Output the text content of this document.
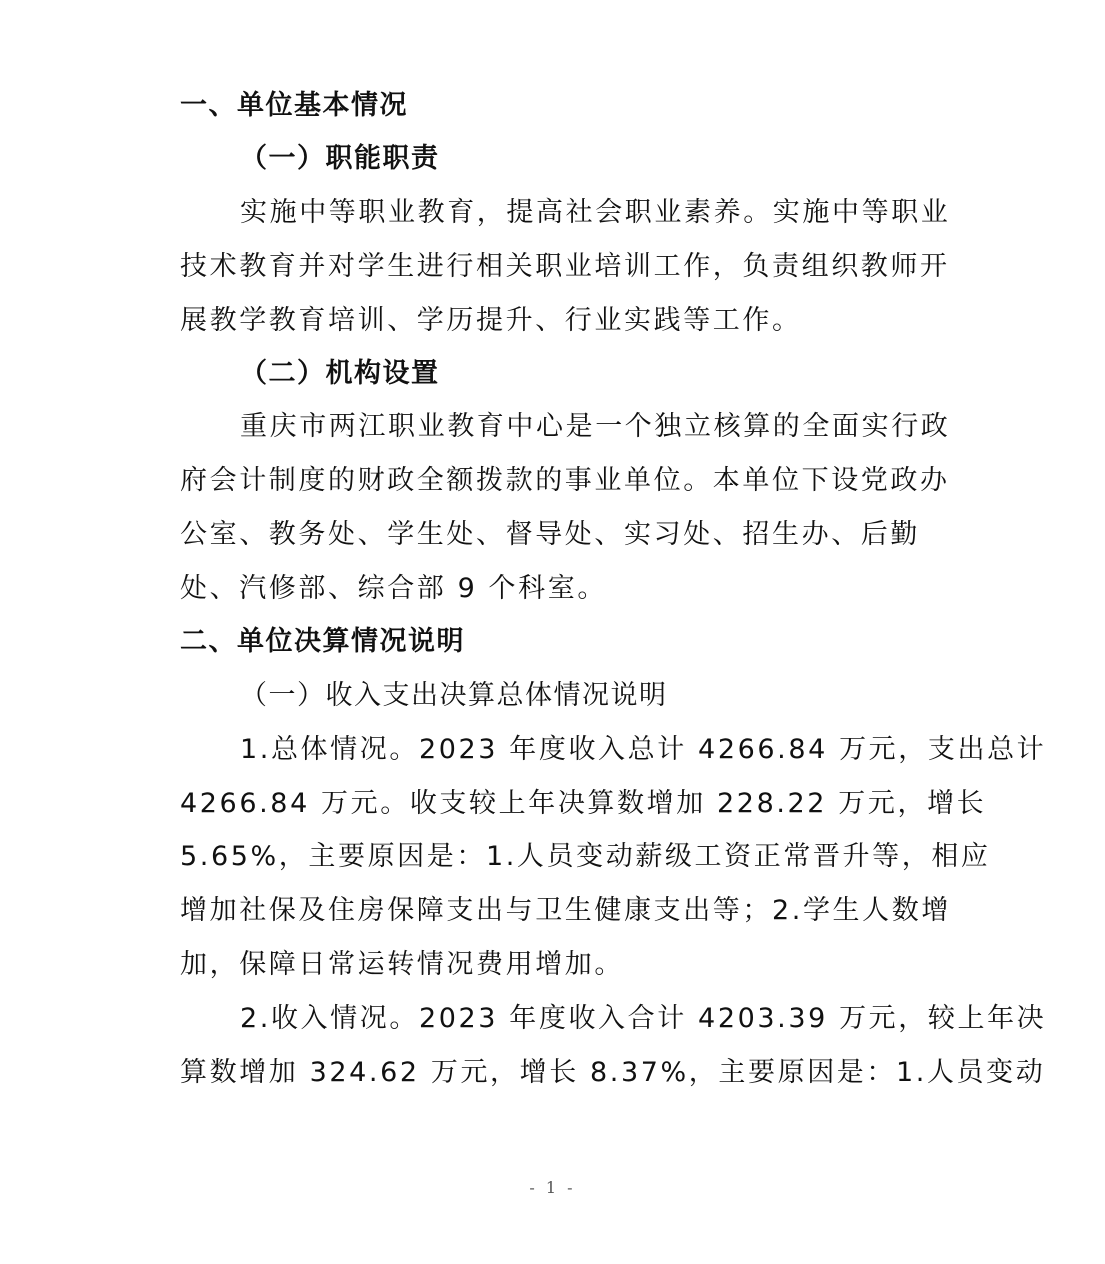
一、单位基本情况
（一）职能职责
实施中等职业教育，提高社会职业素养。实施中等职业
技术教育并对学生进行相关职业培训工作，负责组织教师开
展教学教育培训、学历提升、行业实践等工作。
（二）机构设置
重庆市两江职业教育中心是一个独立核算的全面实行政
府会计制度的财政全额拨款的事业单位。本单位下设党政办
公室、教务处、学生处、督导处、实习处、招生办、后勤
处、汽修部、综合部 9 个科室。
二、单位决算情况说明
（一）收入支出决算总体情况说明
1.总体情况。2023 年度收入总计 4266.84 万元，支出总计
4266.84 万元。收支较上年决算数增加 228.22 万元，增长
5.65%，主要原因是：1.人员变动薪级工资正常晋升等，相应
增加社保及住房保障支出与卫生健康支出等；2.学生人数增
加，保障日常运转情况费用增加。
2.收入情况。2023 年度收入合计 4203.39 万元，较上年决
算数增加 324.62 万元，增长 8.37%，主要原因是：1.人员变动
- 1 -
